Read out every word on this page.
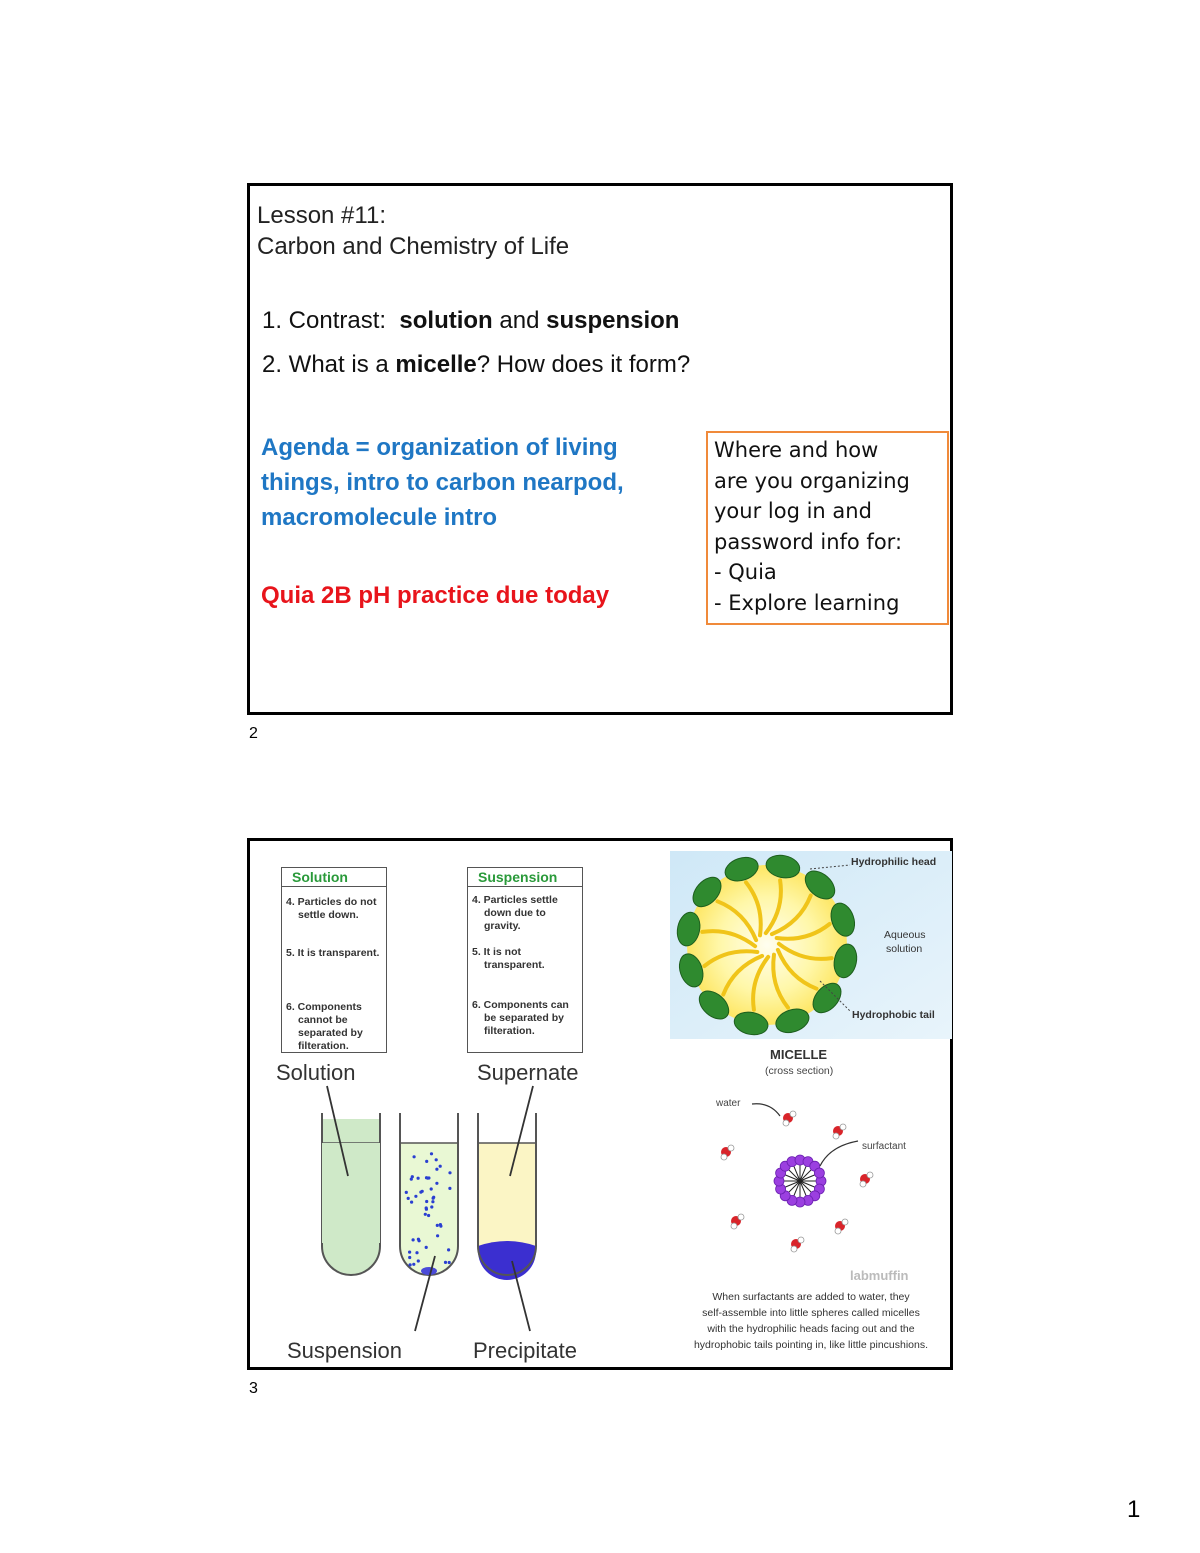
Lesson #11:
Carbon and Chemistry of Life
1. Contrast:  solution and suspension
2. What is a micelle? How does it form?
Agenda = organization of living
things, intro to carbon nearpod,
macromolecule intro
Quia 2B pH practice due today
Where and how
are you organizing
your log in and
password info for:
- Quia
- Explore learning
2
Solution
4. Particles do not
settle down.
5. It is transparent.
6. Components
cannot be
separated by
filteration.
Suspension
4. Particles settle
down due to
gravity.
5. It is not
transparent.
6. Components can
be separated by
filteration.
Solution	Supernate
Suspension	Precipitate
Hydrophilic head
Aqueous
solution
Hydrophobic tail
MICELLE
(cross section)
water
surfactant
labmuffin
When surfactants are added to water, they
self-assemble into little spheres called micelles
with the hydrophilic heads facing out and the
hydrophobic tails pointing in, like little pincushions.
3
1
